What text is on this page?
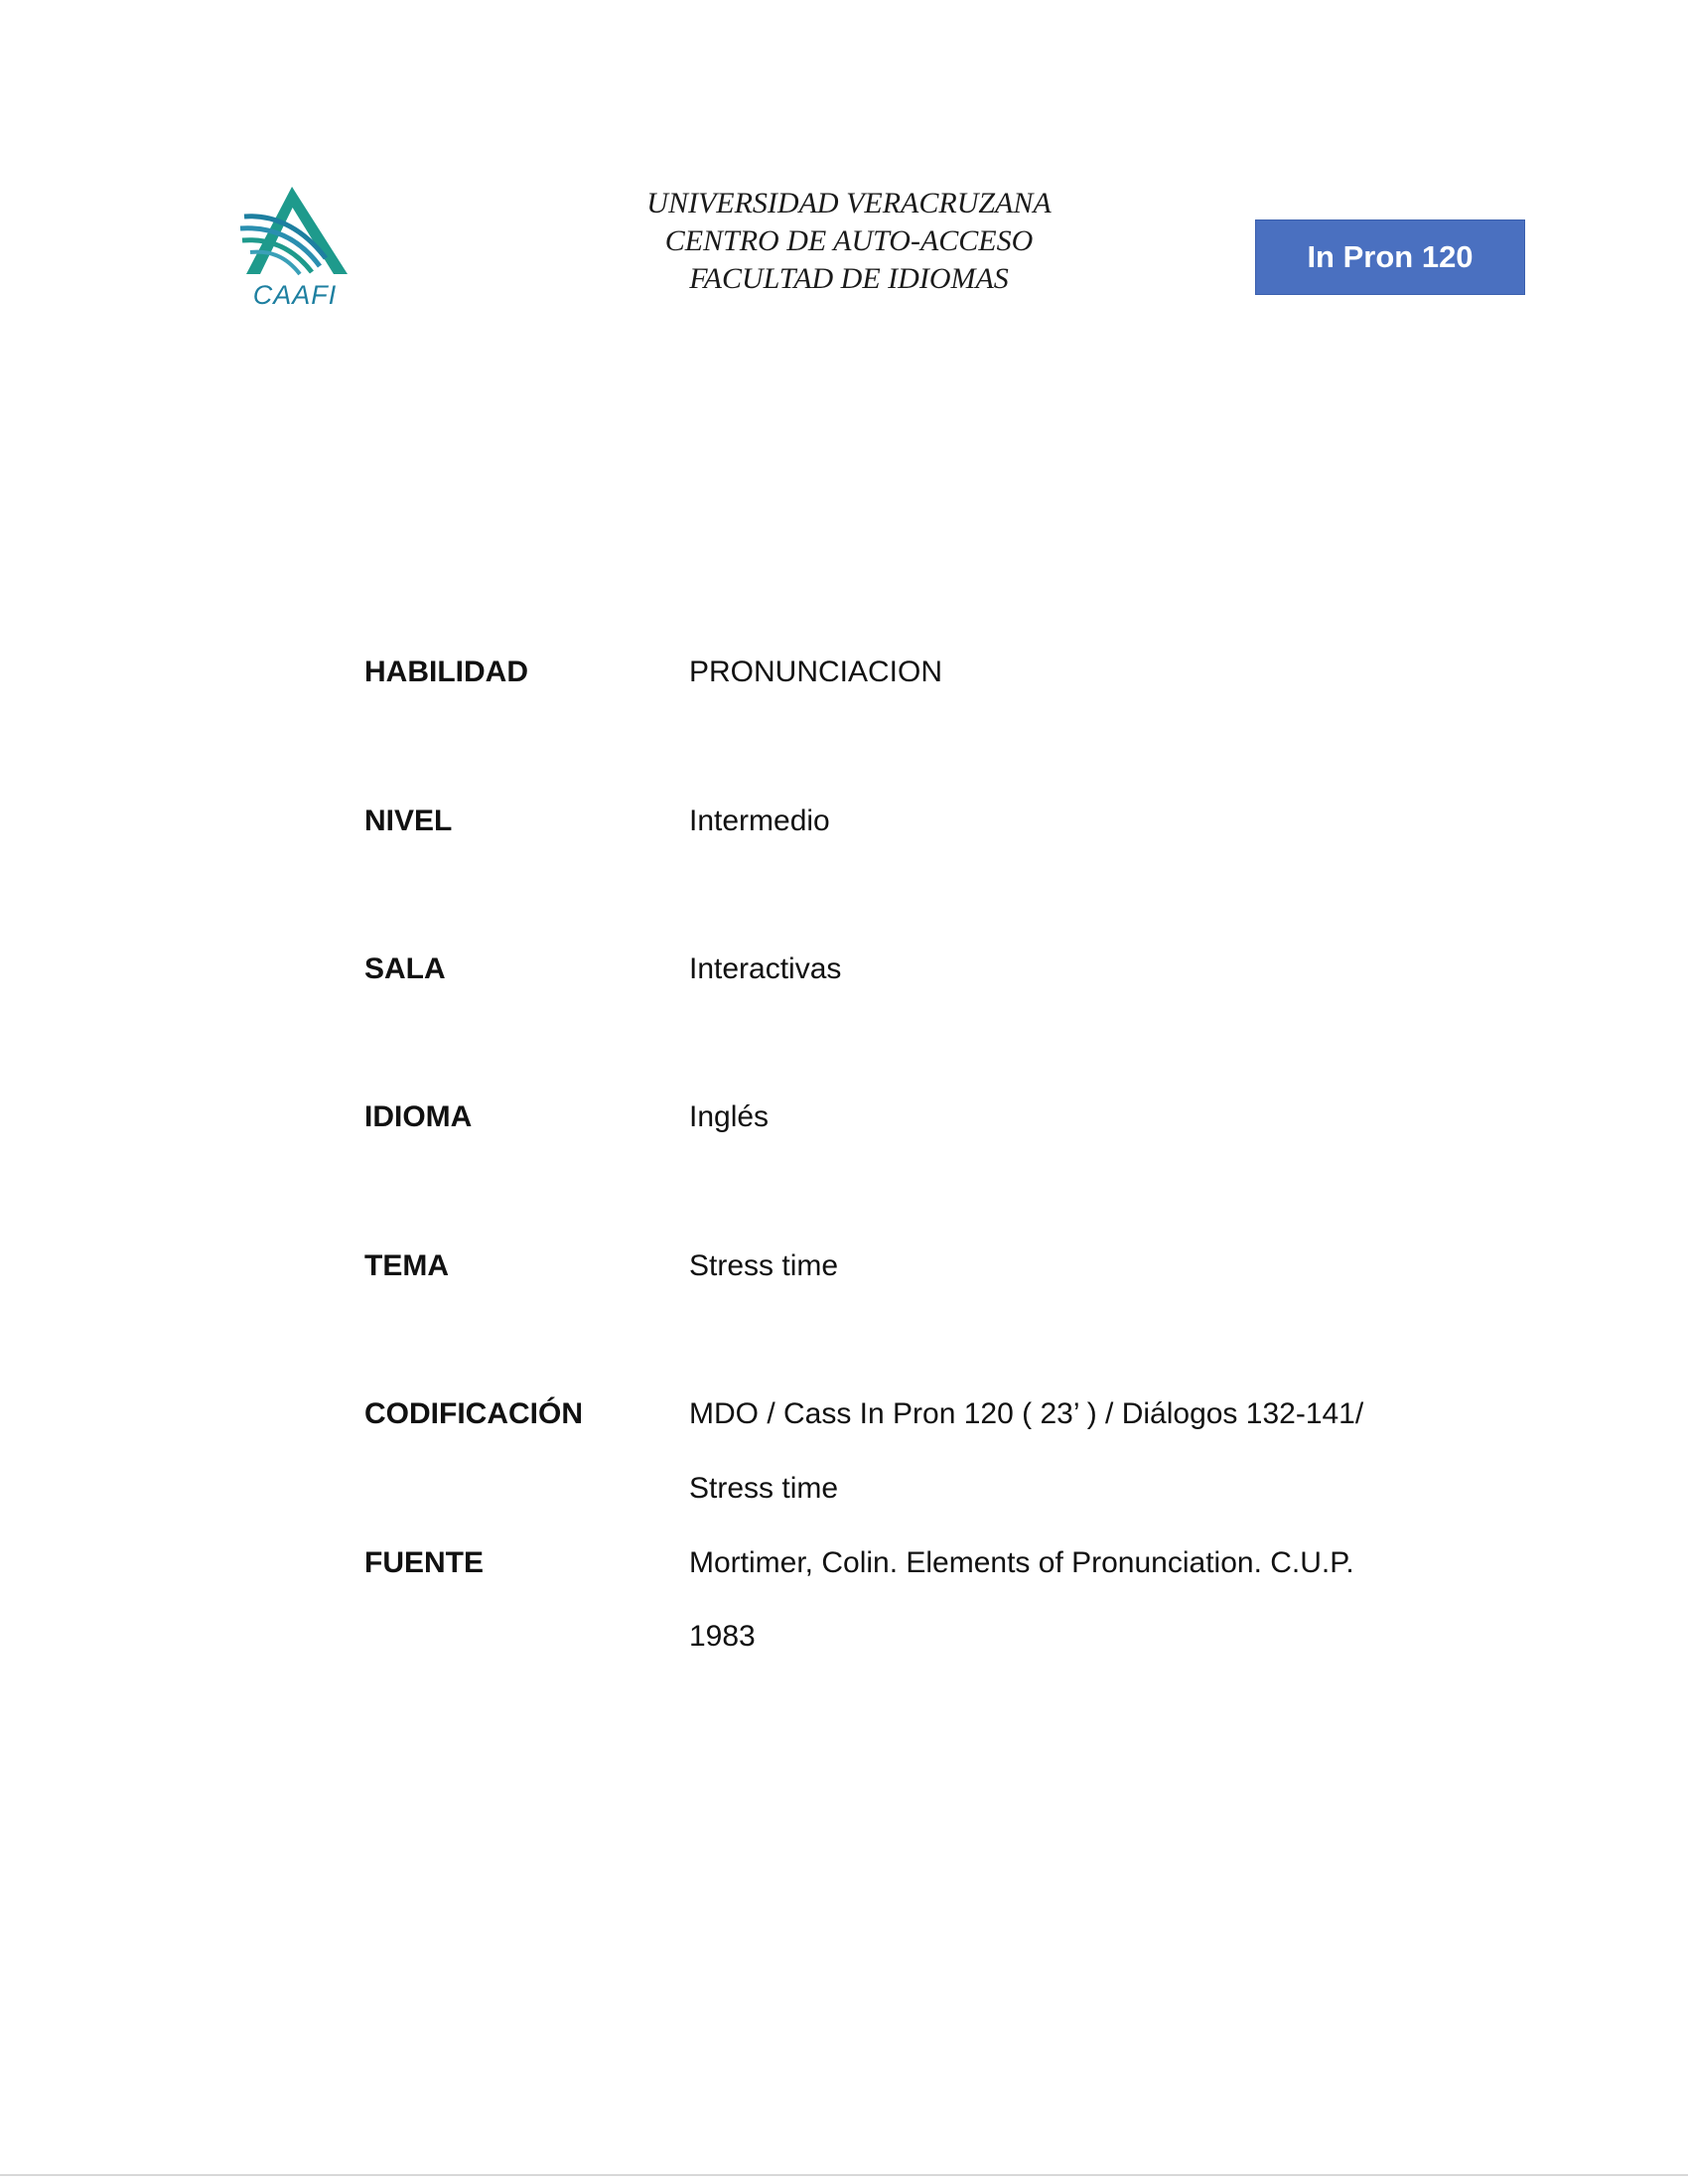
CAAFI
UNIVERSIDAD VERACRUZANA
CENTRO DE AUTO-ACCESO
FACULTAD DE IDIOMAS
In Pron 120
HABILIDAD	PRONUNCIACION
NIVEL	Intermedio
SALA	Interactivas
IDIOMA	Inglés
TEMA	Stress time
CODIFICACIÓN	MDO / Cass In Pron 120 ( 23’ ) / Diálogos 132-141/
Stress time
FUENTE	Mortimer, Colin. Elements of Pronunciation. C.U.P.
1983
